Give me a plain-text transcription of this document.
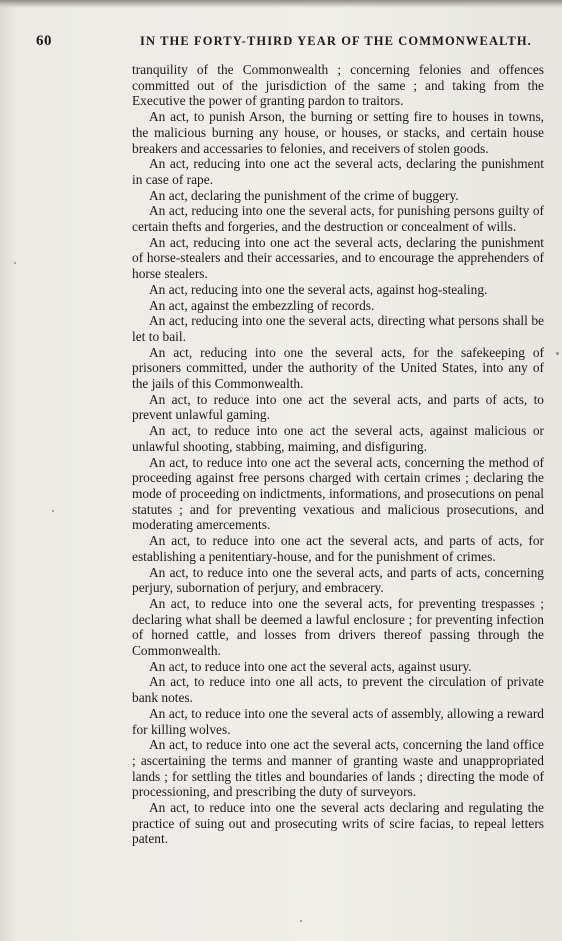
60	IN THE FORTY-THIRD YEAR OF THE COMMONWEALTH.

tranquility of the Commonwealth ; concerning felonies and offences committed out of the jurisdiction of the same ; and taking from the Executive the power of granting pardon to traitors.

An act, to punish Arson, the burning or setting fire to houses in towns, the malicious burning any house, or houses, or stacks, and certain house breakers and accessaries to felonies, and receivers of stolen goods.

An act, reducing into one act the several acts, declaring the punishment in case of rape.

An act, declaring the punishment of the crime of buggery.

An act, reducing into one the several acts, for punishing persons guilty of certain thefts and forgeries, and the destruction or concealment of wills.

An act, reducing into one act the several acts, declaring the punishment of horse-stealers and their accessaries, and to encourage the apprehenders of horse stealers.

An act, reducing into one the several acts, against hog-stealing.

An act, against the embezzling of records.

An act, reducing into one the several acts, directing what persons shall be let to bail.

An act, reducing into one the several acts, for the safekeeping of prisoners committed, under the authority of the United States, into any of the jails of this Commonwealth.

An act, to reduce into one act the several acts, and parts of acts, to prevent unlawful gaming.

An act, to reduce into one act the several acts, against malicious or unlawful shooting, stabbing, maiming, and disfiguring.

An act, to reduce into one act the several acts, concerning the method of proceeding against free persons charged with certain crimes ; declaring the mode of proceeding on indictments, informations, and prosecutions on penal statutes ; and for preventing vexatious and malicious prosecutions, and moderating amercements.

An act, to reduce into one act the several acts, and parts of acts, for establishing a penitentiary-house, and for the punishment of crimes.

An act, to reduce into one the several acts, and parts of acts, concerning perjury, subornation of perjury, and embracery.

An act, to reduce into one the several acts, for preventing trespasses ; declaring what shall be deemed a lawful enclosure ; for preventing infection of horned cattle, and losses from drivers thereof passing through the Commonwealth.

An act, to reduce into one act the several acts, against usury.

An act, to reduce into one all acts, to prevent the circulation of private bank notes.

An act, to reduce into one the several acts of assembly, allowing a reward for killing wolves.

An act, to reduce into one act the several acts, concerning the land office ; ascertaining the terms and manner of granting waste and unappropriated lands ; for settling the titles and boundaries of lands ; directing the mode of processioning, and prescribing the duty of surveyors.

An act, to reduce into one the several acts declaring and regulating the practice of suing out and prosecuting writs of scire facias, to repeal letters patent.
